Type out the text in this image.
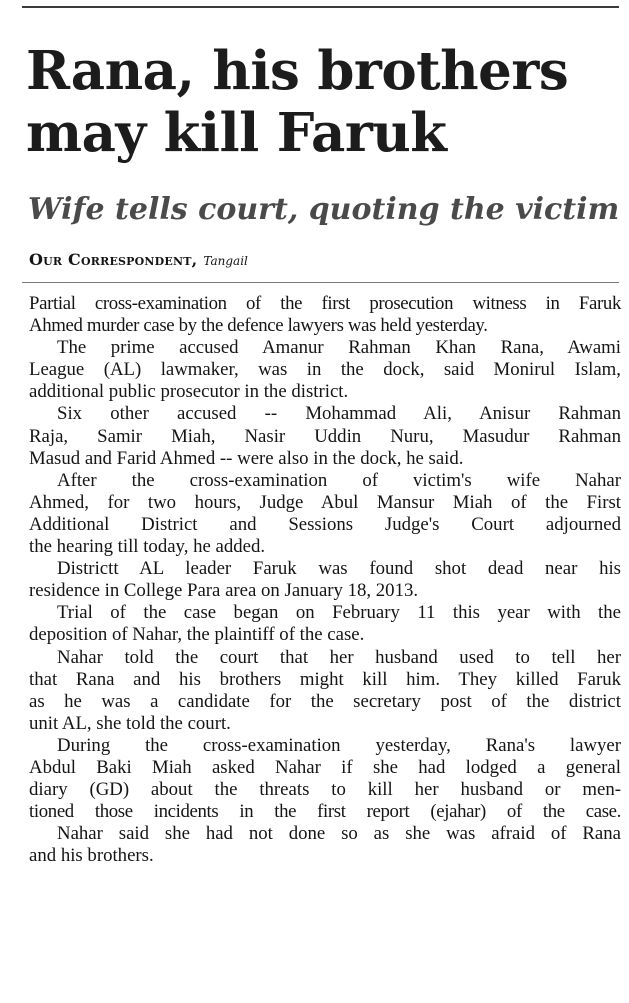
Rana, his brothers
may kill Faruk
Wife tells court, quoting the victim
Our Correspondent, Tangail

Partial cross-examination of the first prosecution witness in Faruk
Ahmed murder case by the defence lawyers was held yesterday.

The prime accused Amanur Rahman Khan Rana, Awami
League (AL) lawmaker, was in the dock, said Monirul Islam,
additional public prosecutor in the district.

Six other accused -- Mohammad Ali, Anisur Rahman
Raja, Samir Miah, Nasir Uddin Nuru, Masudur Rahman
Masud and Farid Ahmed -- were also in the dock, he said.

After the cross-examination of victim's wife Nahar
Ahmed, for two hours, Judge Abul Mansur Miah of the First
Additional District and Sessions Judge's Court adjourned
the hearing till today, he added.

Districtt AL leader Faruk was found shot dead near his
residence in College Para area on January 18, 2013.

Trial of the case began on February 11 this year with the
deposition of Nahar, the plaintiff of the case.

Nahar told the court that her husband used to tell her
that Rana and his brothers might kill him. They killed Faruk
as he was a candidate for the secretary post of the district
unit AL, she told the court.

During the cross-examination yesterday, Rana's lawyer
Abdul Baki Miah asked Nahar if she had lodged a general
diary (GD) about the threats to kill her husband or men-
tioned those incidents in the first report (ejahar) of the case.

Nahar said she had not done so as she was afraid of Rana
and his brothers.
